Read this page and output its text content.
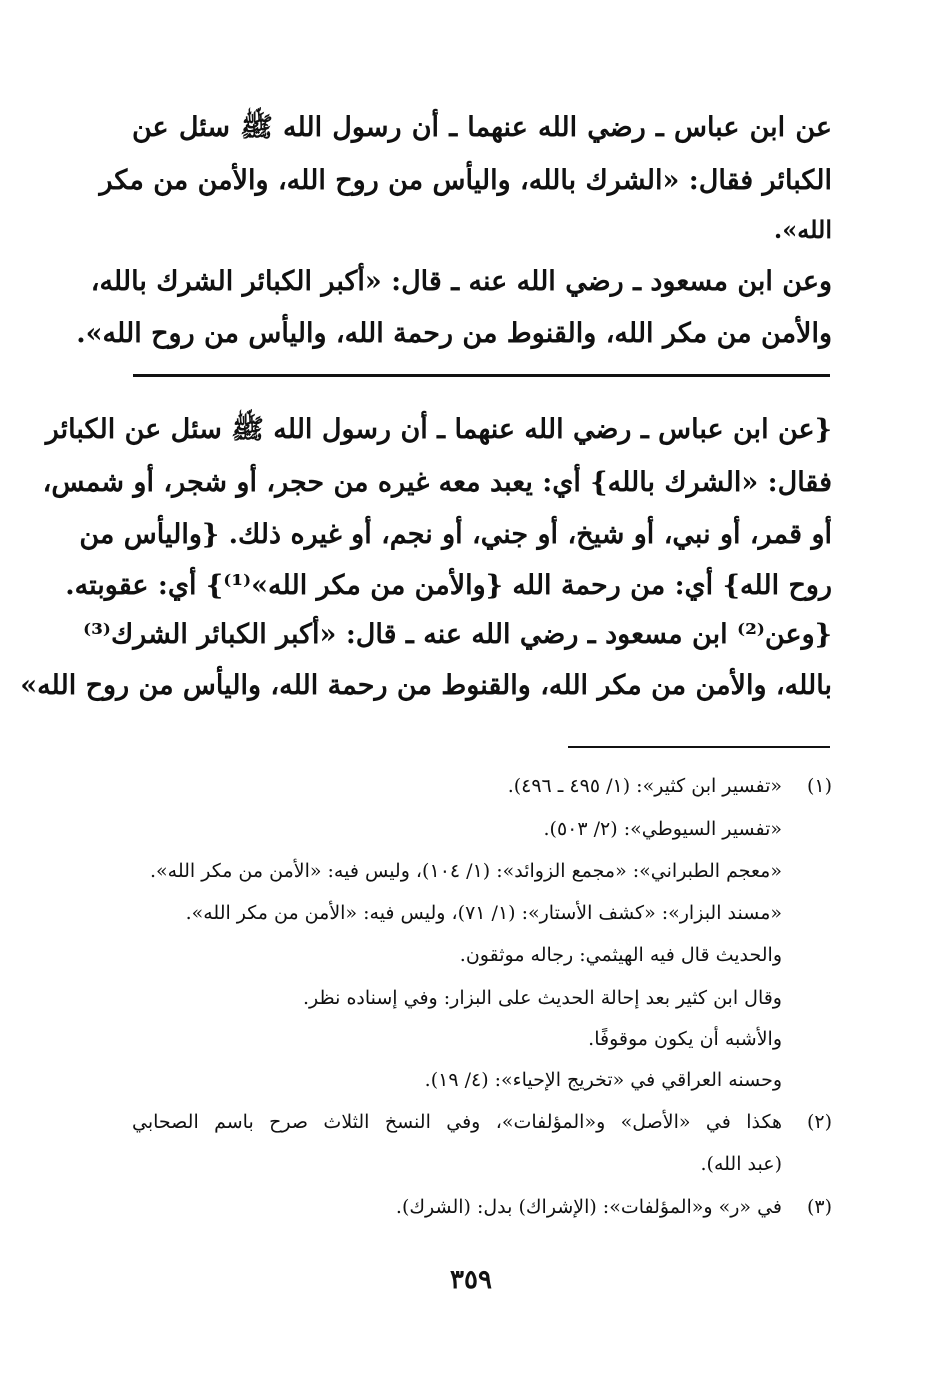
عن ابن عباس ـ رضي الله عنهما ـ أن رسول الله ﷺ سئل عن
الكبائر فقال: «الشرك بالله، واليأس من روح الله، والأمن من مكر
الله».
وعن ابن مسعود ـ رضي الله عنه ـ قال: «أكبر الكبائر الشرك بالله،
والأمن من مكر الله، والقنوط من رحمة الله، واليأس من روح الله».
{عن ابن عباس ـ رضي الله عنهما ـ أن رسول الله ﷺ سئل عن الكبائر
فقال: «الشرك بالله} أي: يعبد معه غيره من حجر، أو شجر، أو شمس،
أو قمر، أو نبي، أو شيخ، أو جني، أو نجم، أو غيره ذلك. {واليأس من
روح الله} أي: من رحمة الله {والأمن من مكر الله»⁽¹⁾} أي: عقوبته.
{وعن⁽²⁾ ابن مسعود ـ رضي الله عنه ـ قال: «أكبر الكبائر الشرك⁽³⁾
بالله، والأمن من مكر الله، والقنوط من رحمة الله، واليأس من روح الله»
(١)
«تفسير ابن كثير»: (١/ ٤٩٥ ـ ٤٩٦).
«تفسير السيوطي»: (٢/ ٥٠٣).
«معجم الطبراني»: «مجمع الزوائد»: (١/ ١٠٤)، وليس فيه: «الأمن من مكر الله».
«مسند البزار»: «كشف الأستار»: (١/ ٧١)، وليس فيه: «الأمن من مكر الله».
والحديث قال فيه الهيثمي: رجاله موثقون.
وقال ابن كثير بعد إحالة الحديث على البزار: وفي إسناده نظر.
والأشبه أن يكون موقوفًا.
وحسنه العراقي في «تخريج الإحياء»: (٤/ ١٩).
(٢)
هكذا في «الأصل» و«المؤلفات»، وفي النسخ الثلاث صرح باسم الصحابي
(عبد الله).
(٣)
في «ر» و«المؤلفات»: (الإشراك) بدل: (الشرك).
٣٥٩
